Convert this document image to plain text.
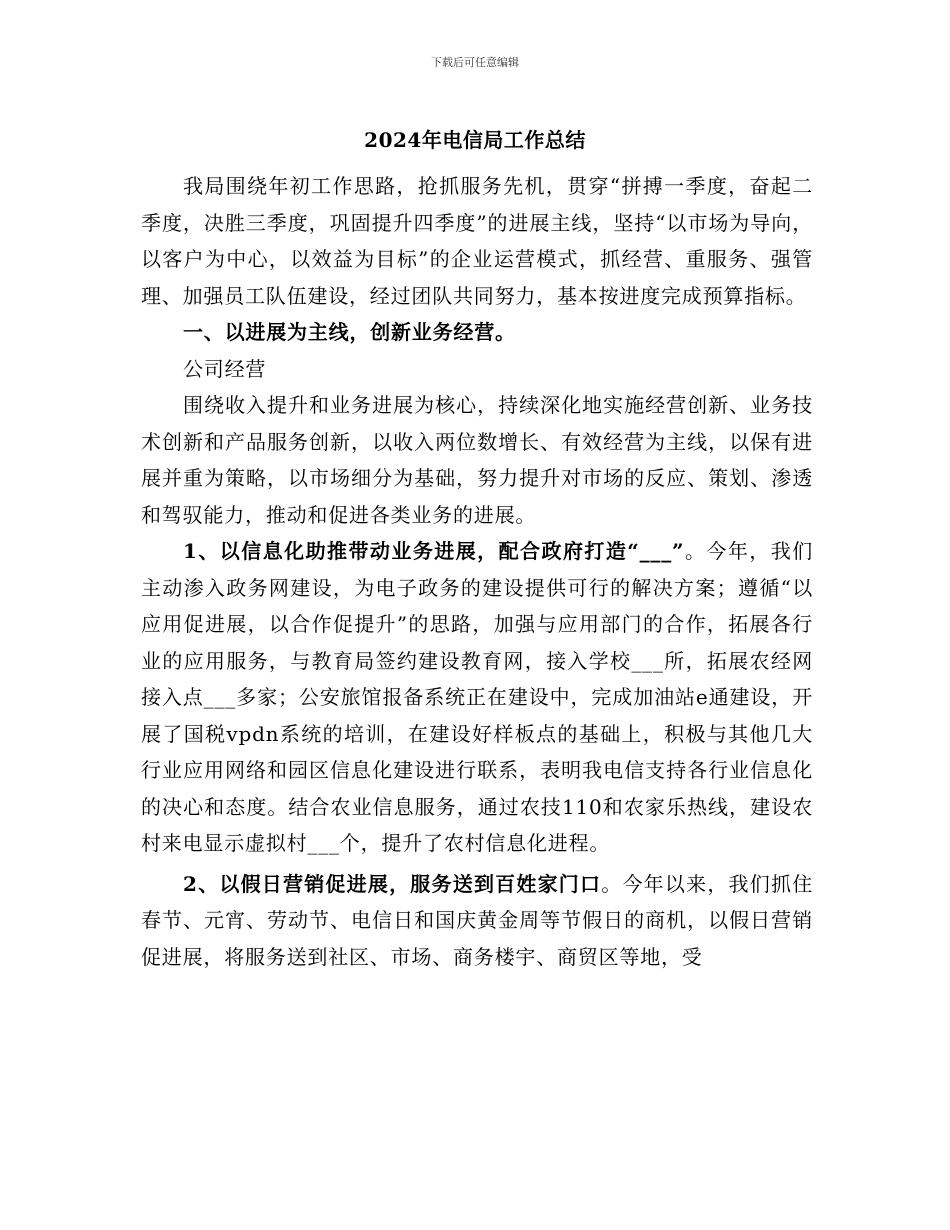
下载后可任意编辑
2024年电信局工作总结

我局围绕年初工作思路，抢抓服务先机，贯穿“拼搏一季度，奋起二季度，决胜三季度，巩固提升四季度”的进展主线，坚持“以市场为导向，以客户为中心，以效益为目标”的企业运营模式，抓经营、重服务、强管理、加强员工队伍建设，经过团队共同努力，基本按进度完成预算指标。

一、以进展为主线，创新业务经营。

公司经营

围绕收入提升和业务进展为核心，持续深化地实施经营创新、业务技术创新和产品服务创新，以收入两位数增长、有效经营为主线，以保有进展并重为策略，以市场细分为基础，努力提升对市场的反应、策划、渗透和驾驭能力，推动和促进各类业务的进展。

1、以信息化助推带动业务进展，配合政府打造“___”。今年，我们主动渗入政务网建设，为电子政务的建设提供可行的解决方案；遵循“以应用促进展，以合作促提升”的思路，加强与应用部门的合作，拓展各行业的应用服务，与教育局签约建设教育网，接入学校___所，拓展农经网接入点___多家；公安旅馆报备系统正在建设中，完成加油站e通建设，开展了国税vpdn系统的培训，在建设好样板点的基础上，积极与其他几大行业应用网络和园区信息化建设进行联系，表明我电信支持各行业信息化的决心和态度。结合农业信息服务，通过农技110和农家乐热线，建设农村来电显示虚拟村___个，提升了农村信息化进程。

2、以假日营销促进展，服务送到百姓家门口。今年以来，我们抓住春节、元宵、劳动节、电信日和国庆黄金周等节假日的商机，以假日营销促进展，将服务送到社区、市场、商务楼宇、商贸区等地，受
